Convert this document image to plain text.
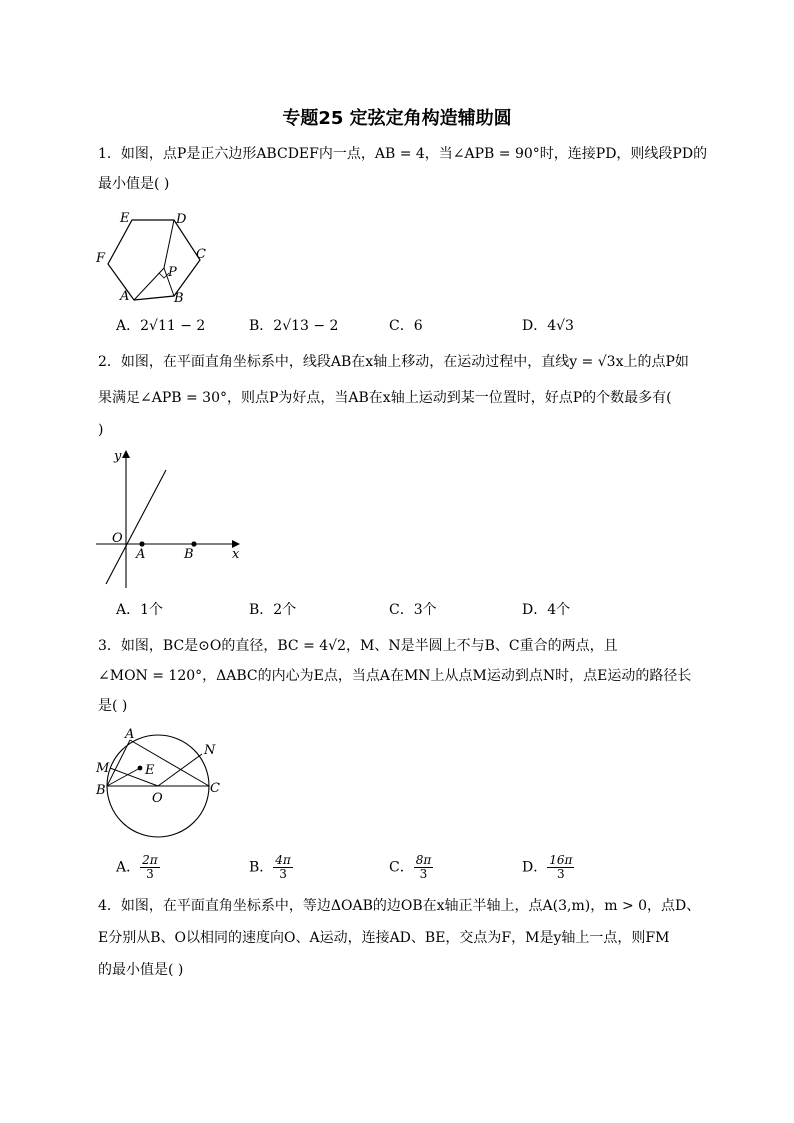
专题25 定弦定角构造辅助圆
1．如图，点P是正六边形ABCDEF内一点，AB = 4，当∠APB = 90°时，连接PD，则线段PD的
最小值是( )
E	D
F	C
P
A	B
A．2√11 − 2	B．2√13 − 2	C．6	D．4√3
2．如图，在平面直角坐标系中，线段AB在x轴上移动，在运动过程中，直线y = √3x上的点P如
果满足∠APB = 30°，则点P为好点，当AB在x轴上运动到某一位置时，好点P的个数最多有(
)
y
O
A	B	x
A．1个	B．2个	C．3个	D．4个
3．如图，BC是⊙O的直径，BC = 4√2，M、N是半圆上不与B、C重合的两点，且
∠MON = 120°，ΔABC的内心为E点，当点A在MN上从点M运动到点N时，点E运动的路径长
是( )
A
N
M	E
B
O
C
A． $\frac{2\pi}{3}$	B． $\frac{4\pi}{3}$	C． $\frac{8\pi}{3}$	D． $\frac{16\pi}{3}$
4．如图，在平面直角坐标系中，等边ΔOAB的边OB在x轴正半轴上，点A(3,m)，m > 0，点D、
E分别从B、O以相同的速度向O、A运动，连接AD、BE，交点为F，M是y轴上一点，则FM
的最小值是( )
